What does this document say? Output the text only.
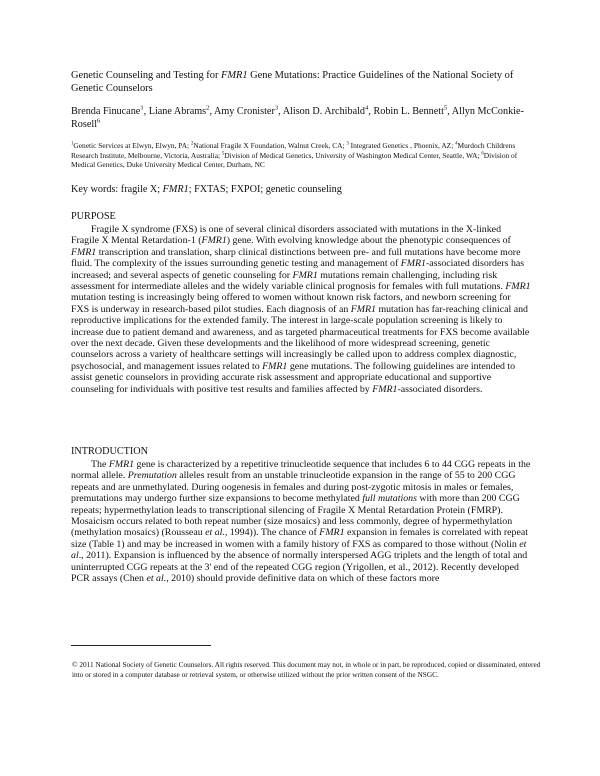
Genetic Counseling and Testing for FMR1 Gene Mutations: Practice Guidelines of the National Society of Genetic Counselors
Brenda Finucane$^1$, Liane Abrams$^2$, Amy Cronister$^3$, Alison D. Archibald$^4$, Robin L. Bennett$^5$, Allyn McConkie-Rosell$^6$
$^1$Genetic Services at Elwyn, Elwyn, PA; $^2$National Fragile X Foundation, Walnut Creek, CA; $^3$ Integrated Genetics , Phoenix, AZ; $^4$Murdoch Childrens Research Institute, Melbourne, Victoria, Australia; $^5$Division of Medical Genetics, University of Washington Medical Center, Seattle, WA; $^6$Division of Medical Genetics, Duke University Medical Center, Durham, NC
Key words: fragile X; FMR1; FXTAS; FXPOI; genetic counseling
PURPOSE
Fragile X syndrome (FXS) is one of several clinical disorders associated with mutations in the X-linked Fragile X Mental Retardation-1 (FMR1) gene. With evolving knowledge about the phenotypic consequences of FMR1 transcription and translation, sharp clinical distinctions between pre- and full mutations have become more fluid. The complexity of the issues surrounding genetic testing and management of FMR1-associated disorders has increased; and several aspects of genetic counseling for FMR1 mutations remain challenging, including risk assessment for intermediate alleles and the widely variable clinical prognosis for females with full mutations. FMR1 mutation testing is increasingly being offered to women without known risk factors, and newborn screening for FXS is underway in research-based pilot studies. Each diagnosis of an FMR1 mutation has far-reaching clinical and reproductive implications for the extended family. The interest in large-scale population screening is likely to increase due to patient demand and awareness, and as targeted pharmaceutical treatments for FXS become available over the next decade. Given these developments and the likelihood of more widespread screening, genetic counselors across a variety of healthcare settings will increasingly be called upon to address complex diagnostic, psychosocial, and management issues related to FMR1 gene mutations. The following guidelines are intended to assist genetic counselors in providing accurate risk assessment and appropriate educational and supportive counseling for individuals with positive test results and families affected by FMR1-associated disorders.
INTRODUCTION
The FMR1 gene is characterized by a repetitive trinucleotide sequence that includes 6 to 44 CGG repeats in the normal allele. Premutation alleles result from an unstable trinucleotide expansion in the range of 55 to 200 CGG repeats and are unmethylated. During oogenesis in females and during post-zygotic mitosis in males or females, premutations may undergo further size expansions to become methylated full mutations with more than 200 CGG repeats; hypermethylation leads to transcriptional silencing of Fragile X Mental Retardation Protein (FMRP). Mosaicism occurs related to both repeat number (size mosaics) and less commonly, degree of hypermethylation (methylation mosaics) (Rousseau et al., 1994)). The chance of FMR1 expansion in females is correlated with repeat size (Table 1) and may be increased in women with a family history of FXS as compared to those without (Nolin et al., 2011). Expansion is influenced by the absence of normally interspersed AGG triplets and the length of total and uninterrupted CGG repeats at the 3' end of the repeated CGG region (Yrigollen, et al., 2012). Recently developed PCR assays (Chen et al., 2010) should provide definitive data on which of these factors more
© 2011 National Society of Genetic Counselors. All rights reserved. This document may not, in whole or in part, be reproduced, copied or disseminated, entered into or stored in a computer database or retrieval system, or otherwise utilized without the prior written consent of the NSGC.
